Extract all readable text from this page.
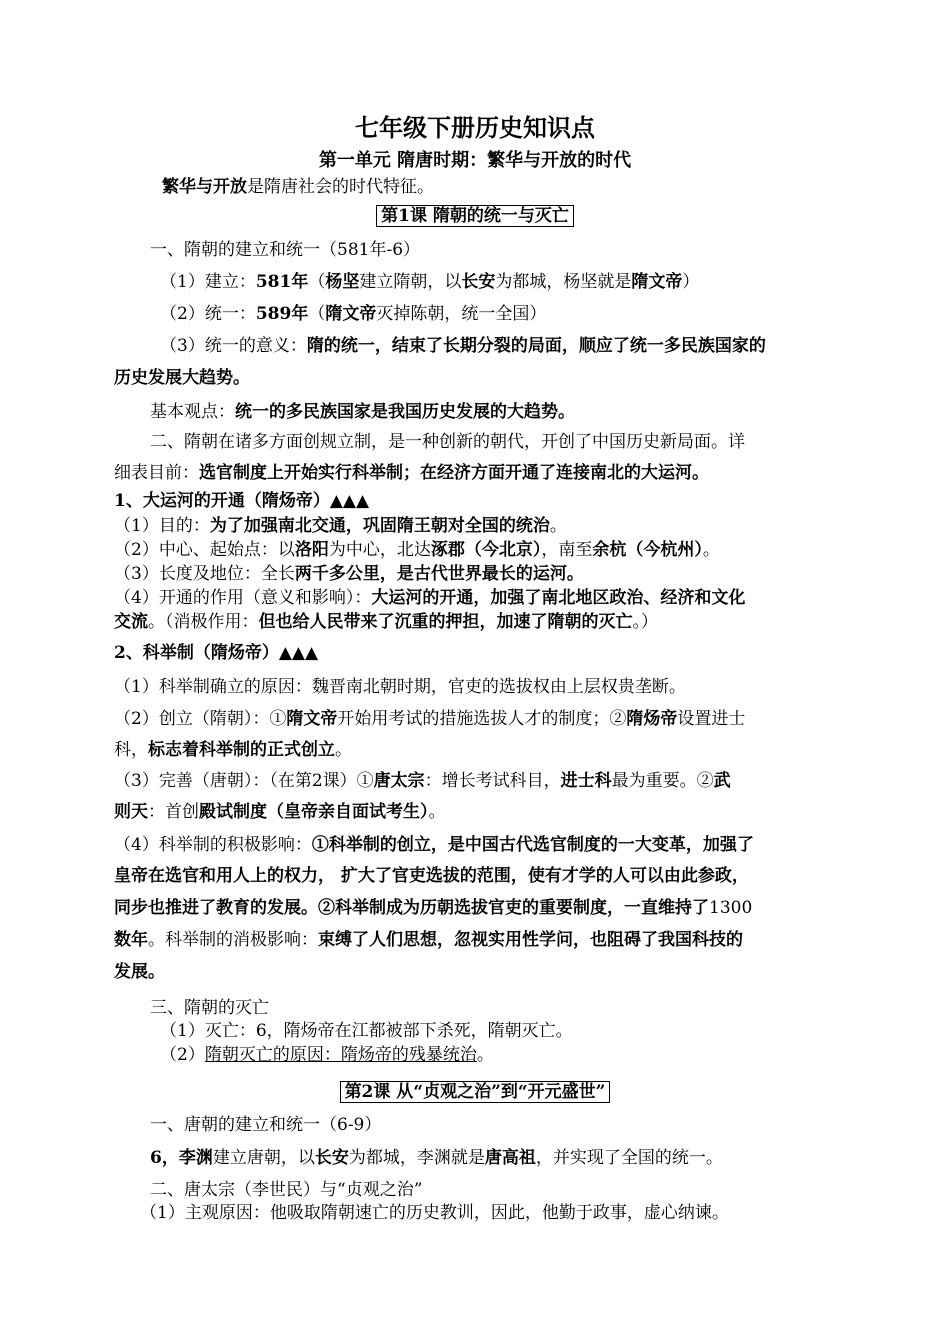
七年级下册历史知识点
第一单元 隋唐时期：繁华与开放的时代
繁华与开放是隋唐社会的时代特征。
第1课 隋朝的统一与灭亡
一、隋朝的建立和统一（581年-6）
（1）建立：581年（杨坚建立隋朝，以长安为都城，杨坚就是隋文帝）
（2）统一：589年（隋文帝灭掉陈朝，统一全国）
（3）统一的意义：隋的统一，结束了长期分裂的局面，顺应了统一多民族国家的
历史发展大趋势。
基本观点：统一的多民族国家是我国历史发展的大趋势。
二、隋朝在诸多方面创规立制，是一种创新的朝代，开创了中国历史新局面。详
细表目前：选官制度上开始实行科举制；在经济方面开通了连接南北的大运河。
1、大运河的开通（隋炀帝）▲▲▲
（1）目的：为了加强南北交通，巩固隋王朝对全国的统治。
（2）中心、起始点：以洛阳为中心，北达涿郡（今北京），南至余杭（今杭州）。
（3）长度及地位：全长两千多公里，是古代世界最长的运河。
（4）开通的作用（意义和影响）：大运河的开通，加强了南北地区政治、经济和文化
交流。（消极作用：但也给人民带来了沉重的押担，加速了隋朝的灭亡。）
2、科举制（隋炀帝）▲▲▲
（1）科举制确立的原因：魏晋南北朝时期，官吏的选拔权由上层权贵垄断。
（2）创立（隋朝）：①隋文帝开始用考试的措施选拔人才的制度；②隋炀帝设置进士
科，标志着科举制的正式创立。
（3）完善（唐朝）：（在第2课）①唐太宗：增长考试科目，进士科最为重要。②武
则天：首创殿试制度（皇帝亲自面试考生）。
（4）科举制的积极影响：①科举制的创立，是中国古代选官制度的一大变革，加强了
皇帝在选官和用人上的权力， 扩大了官吏选拔的范围，使有才学的人可以由此参政，
同步也推进了教育的发展。②科举制成为历朝选拔官吏的重要制度，一直维持了1300
数年。科举制的消极影响：束缚了人们思想，忽视实用性学问，也阻碍了我国科技的
发展。
三、隋朝的灭亡
（1）灭亡：6，隋炀帝在江都被部下杀死，隋朝灭亡。
（2）隋朝灭亡的原因：隋炀帝的残暴统治。
第2课 从“贞观之治”到“开元盛世”
一、唐朝的建立和统一（6-9）
6，李渊建立唐朝，以长安为都城，李渊就是唐高祖，并实现了全国的统一。
二、唐太宗（李世民）与“贞观之治”
（1）主观原因：他吸取隋朝速亡的历史教训，因此，他勤于政事，虚心纳谏。
